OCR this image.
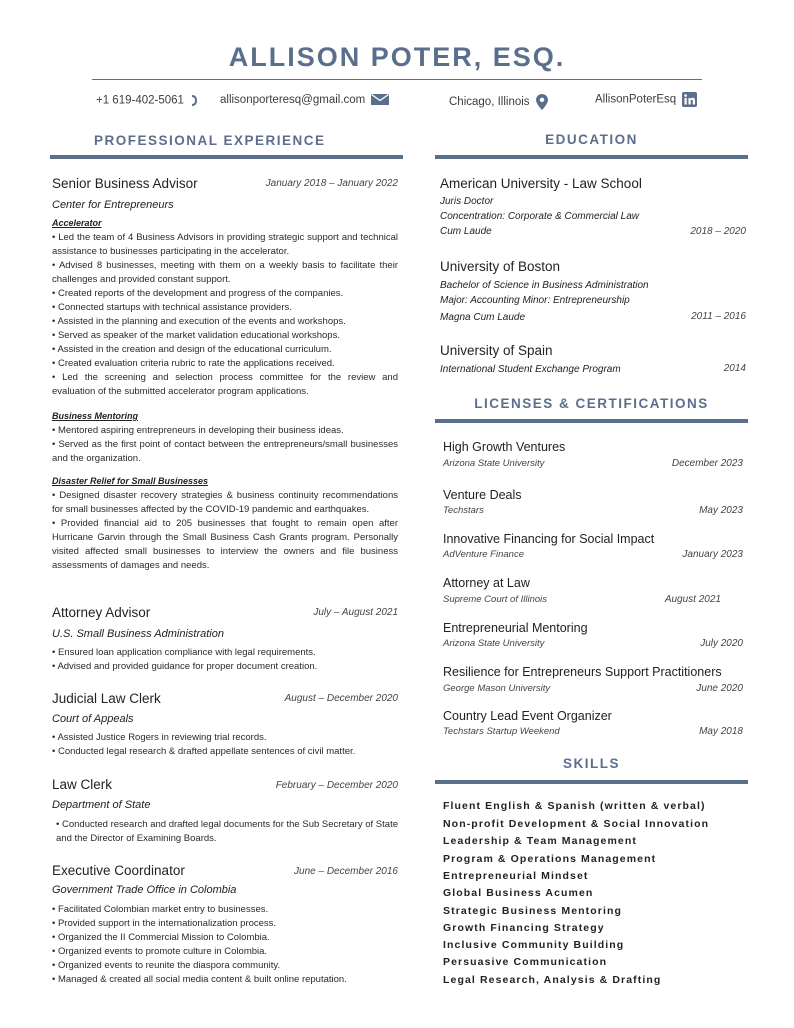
ALLISON POTER, ESQ.
+1 619-402-5061	allisonporteresq@gmail.com	Chicago, Illinois	AllisonPoterEsq
PROFESSIONAL EXPERIENCE	EDUCATION
Senior Business Advisor	January 2018 – January 2022
Center for Entrepreneurs
Accelerator

• Led the team of 4 Business Advisors in providing strategic support and technical assistance to businesses participating in the accelerator.

• Advised 8 businesses, meeting with them on a weekly basis to facilitate their challenges and provided constant support.

• Created reports of the development and progress of the companies.

• Connected startups with technical assistance providers.

• Assisted in the planning and execution of the events and workshops.

• Served as speaker of the market validation educational workshops.

• Assisted in the creation and design of the educational curriculum.

• Created evaluation criteria rubric to rate the applications received.

• Led the screening and selection process committee for the review and evaluation of the submitted accelerator program applications.

Business Mentoring

• Mentored aspiring entrepreneurs in developing their business ideas.

• Served as the first point of contact between the entrepreneurs/small businesses and the organization.

Disaster Relief for Small Businesses

• Designed disaster recovery strategies & business continuity recommendations for small businesses affected by the COVID-19 pandemic and earthquakes.

• Provided financial aid to 205 businesses that fought to remain open after Hurricane Garvin through the Small Business Cash Grants program. Personally visited affected small businesses to interview the owners and file business assessments of damages and needs.

Attorney Advisor	July – August 2021
U.S. Small Business Administration

• Ensured loan application compliance with legal requirements.

• Advised and provided guidance for proper document creation.

Judicial Law Clerk	August – December 2020
Court of Appeals

• Assisted Justice Rogers in reviewing trial records.

• Conducted legal research & drafted appellate sentences of civil matter.

Law Clerk	February – December 2020
Department of State

• Conducted research and drafted legal documents for the Sub Secretary of State and the Director of Examining Boards.

Executive Coordinator	June – December 2016
Government Trade Office in Colombia

• Facilitated Colombian market entry to businesses.

• Provided support in the internationalization process.

• Organized the II Commercial Mission to Colombia.

• Organized events to promote culture in Colombia.

• Organized events to reunite the diaspora community.

• Managed & created all social media content & built online reputation.

American University - Law School
Juris Doctor
Concentration: Corporate & Commercial Law
Cum Laude	2018 – 2020
University of Boston
Bachelor of Science in Business Administration
Major: Accounting Minor: Entrepreneurship
Magna Cum Laude	2011 – 2016
University of Spain
International Student Exchange Program	2014
LICENSES & CERTIFICATIONS
High Growth Ventures
Arizona State University	December 2023
Venture Deals
Techstars	May 2023
Innovative Financing for Social Impact
AdVenture Finance	January 2023
Attorney at Law
Supreme Court of Illinois	August 2021
Entrepreneurial Mentoring
Arizona State University	July 2020
Resilience for Entrepreneurs Support Practitioners
George Mason University	June 2020
Country Lead Event Organizer
Techstars Startup Weekend	May 2018
SKILLS
Fluent English & Spanish (written & verbal)
Non-profit Development & Social Innovation
Leadership & Team Management
Program & Operations Management
Entrepreneurial Mindset
Global Business Acumen
Strategic Business Mentoring
Growth Financing Strategy
Inclusive Community Building
Persuasive Communication
Legal Research, Analysis & Drafting
